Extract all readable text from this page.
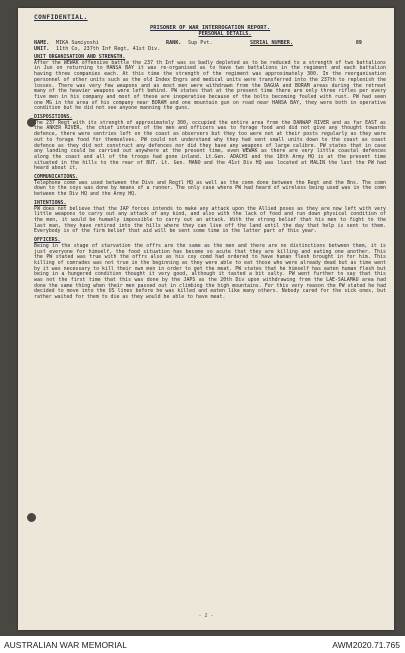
CONFIDENTIAL.
PRISONER OF WAR INTERROGATION REPORT.
PERSONAL DETAILS.
NAME.	MIKA Sumiyoshi	RANK.	Sup Pvt.	SERIAL NUMBER.	89
UNIT.	11th Co, 237th Inf Regt, 41st Div.
UNIT ORGANISATION AND STRENGTH.
After the WEWAK offensive battle the 237 th Inf was so badly depleted as to be reduced to a strength of two battalions in Jun on returning to HANSA BAY it was re-organised as to have two battalions in the regiment and each battalion having three companies each. At this time the strength of the regiment was approximately 300. In the reorganisation personnel of other units such as the old Index Engrs and medical units were transferred into the 237th to replenish the losses. There was very few weapons and as most men were withdrawn from the DAGUA and BORAM areas during the retreat many of the heavier weapons were left behind. PW states that at the present time there are only three rifles per every five men in his company and most of these are inoperative because of the bolts becoming fouled with rust. PW had seen one MG in the area of his company near BORAM and one mountain gun on road near HANSA BAY, they were both in operative condition but he did not see anyone manning the guns.
DISPOSITIONS.
The 237 Regt with its strength of approximately 300, occupied the entire area from the DANWAP RIVER and as far EAST as the ANKER RIVER, the chief interest of the men and officers was to forage food and did not give any thought towards defence, there were sentries left on the coast as observers but they too were not at their posts regularly as they were out to forage food for themselves. PW could not understand why they had sent small units down to the coast as coast defence as they did not construct any defences nor did they have any weapons of large calibre. PW states that in case any landing could be carried out anywhere at the present time, even WEWAK as there are very little coastal defences along the coast and all of the troops had gone inland. Lt.Gen. ADACHI and the 18th Army HQ is at the present time situated in the hills to the rear of BUT. Lt. Gen. MANO and the 41st Div HQ was located at MALIN the last the PW had heard about it.
COMMUNICATIONS.
Telephone comn was used between the Divs and Regtl HQ as well as the comn done between the Regt and the Bns. The comn down to the coys was done by means of a runner. The only case where PW had heard of wireless being used was in the comn between the Div HQ and the Army HQ.
INTENTIONS.
PW does not believe that the JAP forces intends to make any attack upon the Allied poses as they are now left with very little weapons to carry out any attack of any kind, and also with the lack of food and run down physical condition of the men, it would be humanly impossible to carry out an attack. With the strong belief that his men to fight to the last man, they have retired into the hills where they can live off the land until the day that help is sent to them. Everybody is of the firm belief that aid will be sent some time in the latter part of this year.
OFFICERS.
Being in the stage of starvation the offrs are the same as the men and there are no distinctions between them, it is just everyone for himself, the food situation has become so acute that they are killing and eating one another. This the PW stated was true with the offrs also as his coy comd had ordered to have human flesh brought in for him. This killing of comrades was not true in the beginning as they were able to eat those who were already dead but as time went by it was necessary to kill their own men in order to get the meat. PW states that he himself has eaten human flesh but being in a hungered condition thought it very good, although it tasted a bit salty. PW went further to say that this was not the first time that this was done by the JAPS as the 20th Div upon withdrawing from the LAE-SALAMAU area had done the same thing when their men passed out in climbing the high mountains. For this very reason the PW stated he had decided to move into the US lines before he was killed and eaten like many others. Nobody cared for the sick ones, but rather waited for them to die as they would be able to have meat.
- 2 -
AUSTRALIAN WAR MEMORIAL	AWM2020.71.765
